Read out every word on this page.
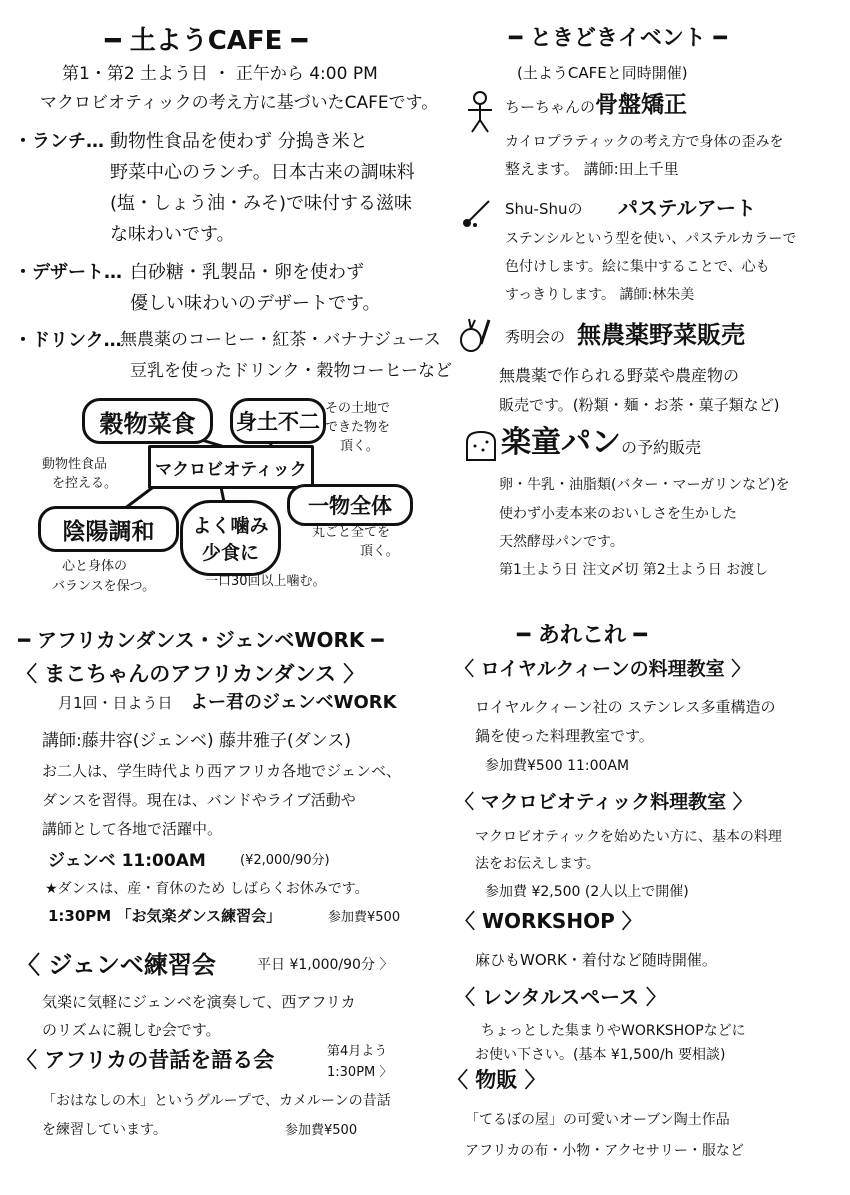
━ 土ようCAFE ━
第1・第2 土よう日 ・ 正午から 4:00 PM
マクロビオティックの考え方に基づいたCAFEです。
・ランチ… 動物性食品を使わず 分搗き米と
野菜中心のランチ。日本古来の調味料
(塩・しょう油・みそ)で味付する滋味
な味わいです。
・デザート… 白砂糖・乳製品・卵を使わず
優しい味わいのデザートです。
・ドリンク…
無農薬のコーヒー・紅茶・バナナジュース
豆乳を使ったドリンク・穀物コーヒーなど
穀物菜食	身土不二
その土地で
できた物を
頂く。
動物性食品
を控える。
マクロビオティック
一物全体
丸ごと全てを
頂く。
陰陽調和	よく噛み
少食に
心と身体の
バランスを保つ。	一口30回以上噛む。
━ アフリカンダンス・ジェンベWORK ━
〈 まこちゃんのアフリカンダンス 〉
月1回・日よう日 よー君のジェンベWORK
講師:藤井容(ジェンベ) 藤井雅子(ダンス)
お二人は、学生時代より西アフリカ各地でジェンベ、
ダンスを習得。現在は、バンドやライブ活動や
講師として各地で活躍中。
ジェンベ 11:00AM	(¥2,000/90分)
★ダンスは、産・育休のため しばらくお休みです。
1:30PM 「お気楽ダンス練習会」	参加費¥500
〈 ジェンベ練習会	平日 ¥1,000/90分 〉
気楽に気軽にジェンベを演奏して、西アフリカ
のリズムに親しむ会です。
〈 アフリカの昔話を語る会	第4月よう
1:30PM 〉
「おはなしの木」というグループで、カメルーンの昔話
を練習しています。	参加費¥500
━ ときどきイベント ━
(土ようCAFEと同時開催)
ちーちゃんの 骨盤矯正
カイロプラティックの考え方で身体の歪みを
整えます。 講師:田上千里
Shu-Shuの パステルアート
ステンシルという型を使い、パステルカラーで
色付けします。絵に集中することで、心も
すっきりします。 講師:林朱美
秀明会の 無農薬野菜販売
無農薬で作られる野菜や農産物の
販売です。(粉類・麺・お茶・菓子類など)
楽童パン の予約販売
卵・牛乳・油脂類(バター・マーガリンなど)を
使わず小麦本来のおいしさを生かした
天然酵母パンです。
第1土よう日 注文〆切 第2土よう日 お渡し
━ あれこれ ━
〈 ロイヤルクィーンの料理教室 〉
ロイヤルクィーン社の ステンレス多重構造の
鍋を使った料理教室です。
参加費¥500 11:00AM
〈 マクロビオティック料理教室 〉
マクロビオティックを始めたい方に、基本の料理
法をお伝えします。
参加費 ¥2,500 (2人以上で開催)
〈 WORKSHOP 〉
麻ひもWORK・着付など随時開催。
〈 レンタルスペース 〉
ちょっとした集まりやWORKSHOPなどに
お使い下さい。(基本 ¥1,500/h 要相談)
〈 物販 〉
「てるぼの屋」の可愛いオーブン陶土作品
アフリカの布・小物・アクセサリー・服など
